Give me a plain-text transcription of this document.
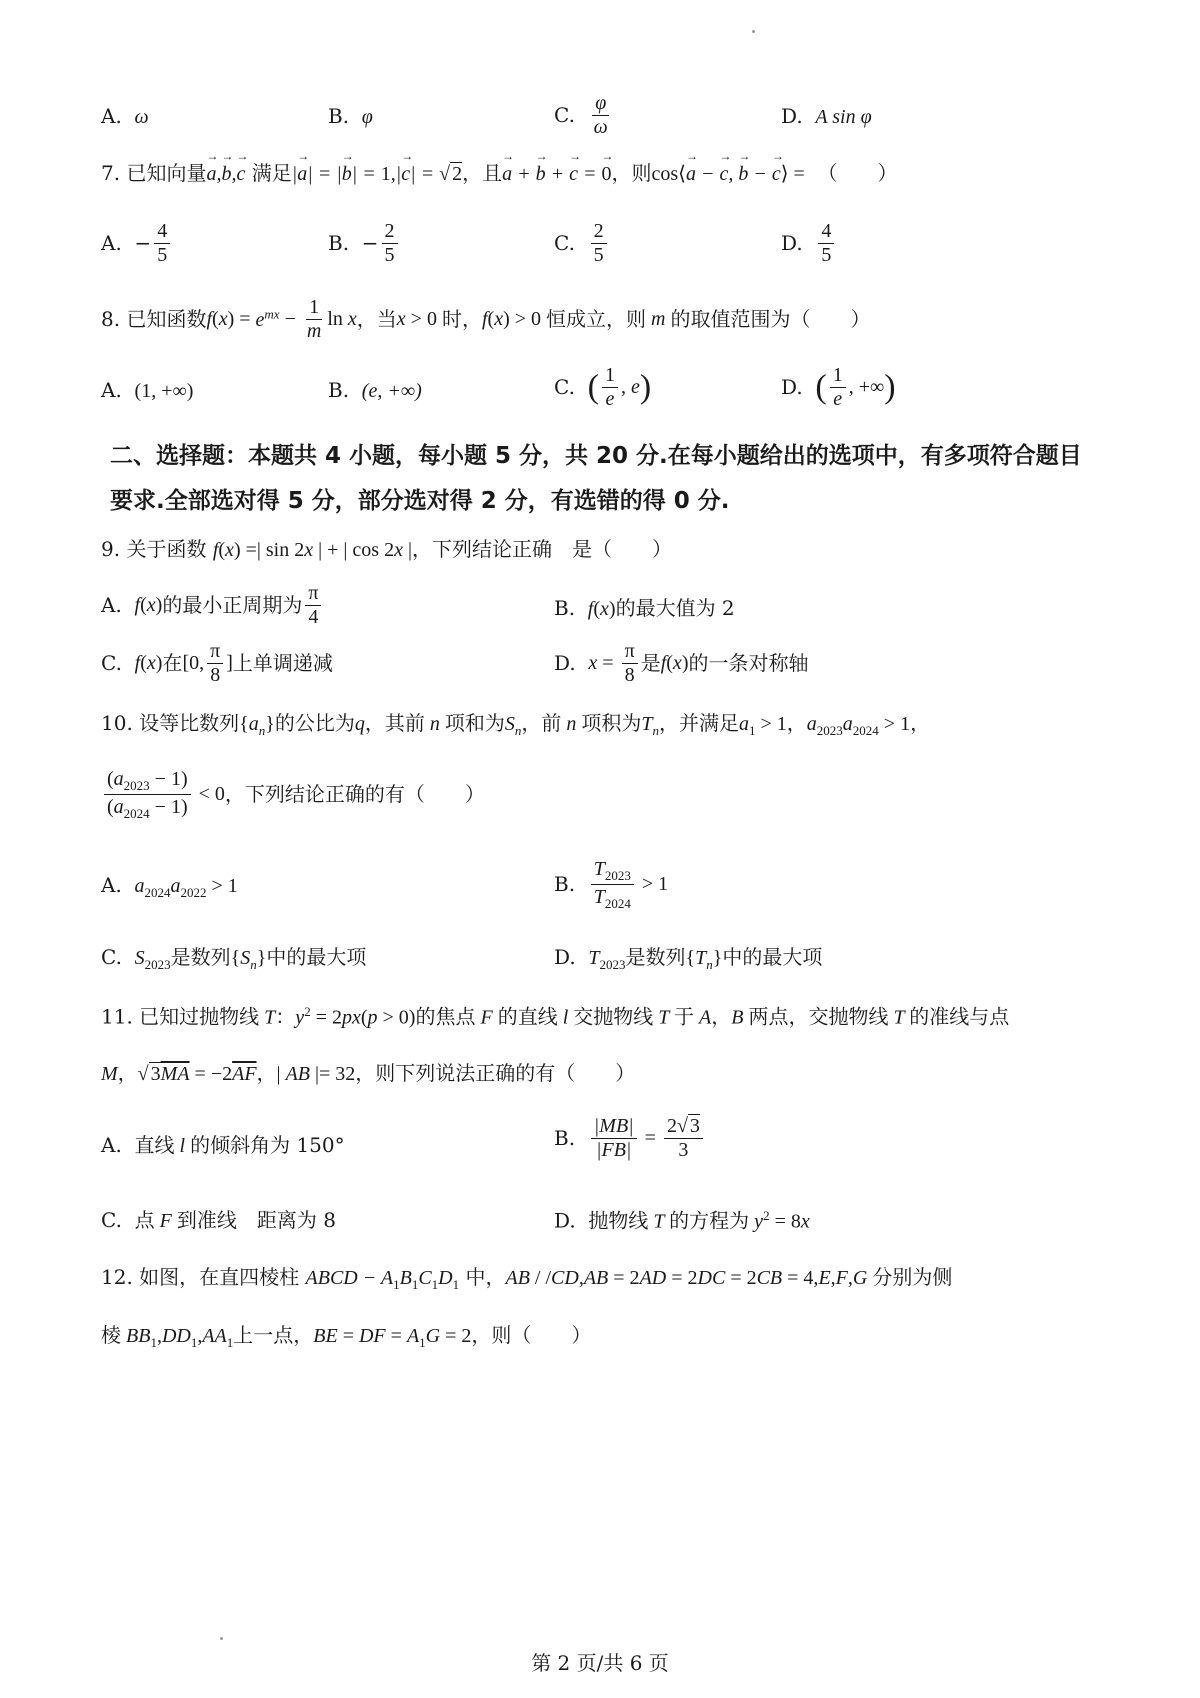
A. ω	B. φ	C. $\frac{\varphi}{\omega}$	D. A sin φ
7. 已知向量→ a,→ b,→ c 满足|→ a| = |→ b| = 1,|→ c| = √ 2，且→ a + → b + → c = → 0，则cos⟨→ a − → c, → b − → c⟩ = （　　）
A. − $\frac{4}{5}$	B. − $\frac{2}{5}$	C. $\frac{2}{5}$	D. $\frac{4}{5}$
8. 已知函数$f(x) = e^{mx} - \frac{1}{m}$ ln x，当x > 0 时，f(x) > 0 恒成立，则 m 的取值范围为（　　）
A. (1, +∞)	B. (e, +∞)	C. ( $\frac{1}{e}$ , e)	D. ( $\frac{1}{e}$ , +∞)
二、选择题：本题共 4 小题，每小题 5 分，共 20 分.在每小题给出的选项中，有多项符合题目
要求.全部选对得 5 分，部分选对得 2 分，有选错的得 0 分.
9. 关于函数 f(x) =| sin 2x | + | cos 2x |，下列结论正确　是（　　）
A. f(x)的最小正周期为 $\frac{\pi}{4}$	B. f(x)的最大值为 2
C. f(x)在[0, $\frac{\pi}{8}$ ]上单调递减	D. $x = \frac{\pi}{8}$ 是f(x)的一条对称轴
10. 设等比数列$\{a_n\}$的公比为q，其前 n 项和为$S_n$，前 n 项积为$T_n$，并满足$a_1 > 1$，$a_{2023}a_{2024} > 1$，
$\frac{(a_{2023} - 1)}{(a_{2024} - 1)} < 0$，下列结论正确的有（　　）
A. $a_{2024}a_{2022} > 1$	B. $\frac{T_{2023}}{T_{2024}} > 1$
C. $S_{2023}$是数列$\{S_n\}$中的最大项	D. $T_{2023}$是数列$\{T_n\}$中的最大项
11. 已知过抛物线 T：$y^2 = 2px(p > 0)$的焦点 F 的直线 l 交抛物线 T 于 A，B 两点，交抛物线 T 的准线与点
M，√ $3\overline{MA} = -2\overline{AF}$，| AB |= 32，则下列说法正确的有（　　）
A. 直线 l 的倾斜角为 150°	B. $\frac{|MB|}{|FB|} = \frac{2√ 3}{3}$
C. 点 F 到准线　距离为 8	D. 抛物线 T 的方程为 $y^2 = 8x$
12. 如图，在直四棱柱 ABCD − $A_1B_1C_1D_1$ 中，AB / /CD,AB = 2AD = 2DC = 2CB = 4,E,F,G 分别为侧
棱 $BB_1,DD_1,AA_1$上一点，BE = DF = $A_1G = 2$，则（　　）
第 2 页/共 6 页
